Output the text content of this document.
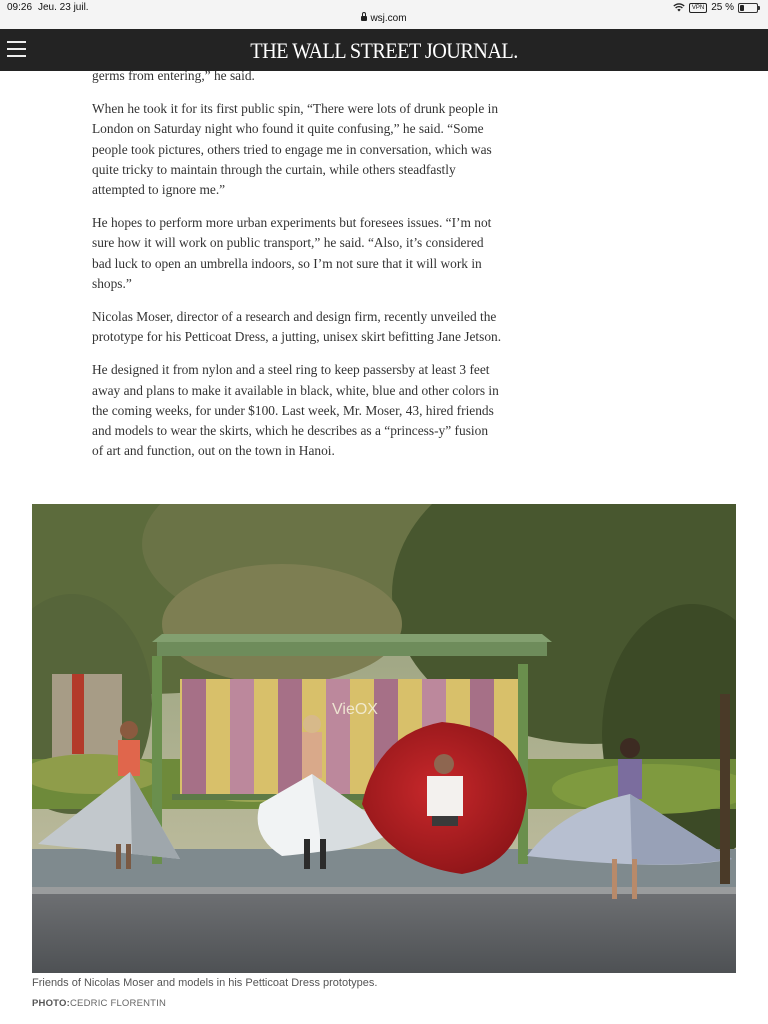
09:26 Jeu. 23 juil.
wsj.com
VPN 25 %
THE WALL STREET JOURNAL.

germs from entering,” he said.

When he took it for its first public spin, “There were lots of drunk people in London on Saturday night who found it quite confusing,” he said. “Some people took pictures, others tried to engage me in conversation, which was quite tricky to maintain through the curtain, while others steadfastly attempted to ignore me.”

He hopes to perform more urban experiments but foresees issues. “I’m not sure how it will work on public transport,” he said. “Also, it’s considered bad luck to open an umbrella indoors, so I’m not sure that it will work in shops.”

Nicolas Moser, director of a research and design firm, recently unveiled the prototype for his Petticoat Dress, a jutting, unisex skirt befitting Jane Jetson.

He designed it from nylon and a steel ring to keep passersby at least 3 feet away and plans to make it available in black, white, blue and other colors in the coming weeks, for under $100. Last week, Mr. Moser, 43, hired friends and models to wear the skirts, which he describes as a “princess-y” fusion of art and function, out on the town in Hanoi.

VieOX
Friends of Nicolas Moser and models in his Petticoat Dress prototypes.
PHOTO:CEDRIC FLORENTIN
